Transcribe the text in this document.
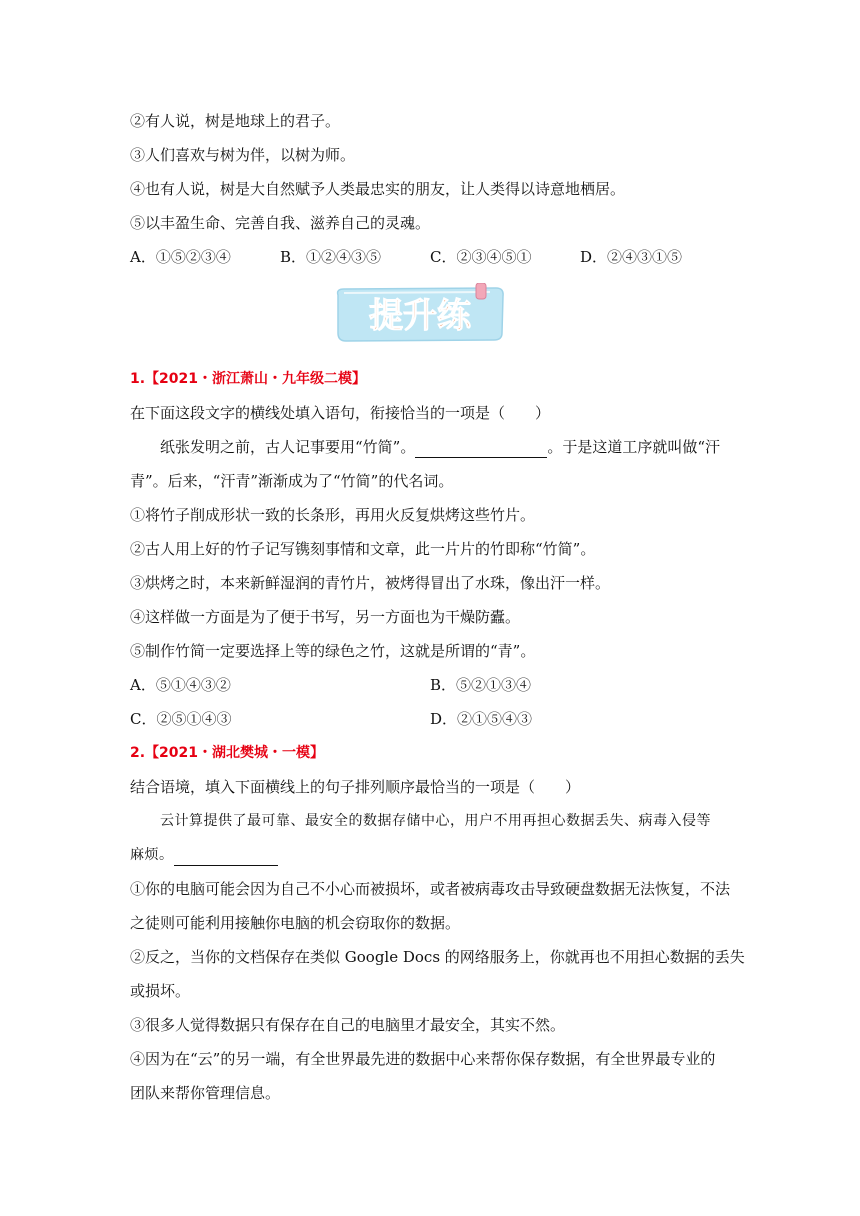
②有人说，树是地球上的君子。
③人们喜欢与树为伴，以树为师。
④也有人说，树是大自然赋予人类最忠实的朋友，让人类得以诗意地栖居。
⑤以丰盈生命、完善自我、滋养自己的灵魂。
A．①⑤②③④	B．①②④③⑤	C．②③④⑤①	D．②④③①⑤
提升练
1.【2021・浙江萧山・九年级二模】
在下面这段文字的横线处填入语句，衔接恰当的一项是（　　）
纸张发明之前，古人记事要用“竹简”。	。于是这道工序就叫做“汗
青”。后来，“汗青”渐渐成为了“竹简”的代名词。
①将竹子削成形状一致的长条形，再用火反复烘烤这些竹片。
②古人用上好的竹子记写镌刻事情和文章，此一片片的竹即称“竹简”。
③烘烤之时，本来新鲜湿润的青竹片，被烤得冒出了水珠，像出汗一样。
④这样做一方面是为了便于书写，另一方面也为干燥防蠹。
⑤制作竹简一定要选择上等的绿色之竹，这就是所谓的“青”。
A．⑤①④③②	B．⑤②①③④
C．②⑤①④③	D．②①⑤④③
2.【2021・湖北樊城・一模】
结合语境，填入下面横线上的句子排列顺序最恰当的一项是（　　）
云计算提供了最可靠、最安全的数据存储中心，用户不用再担心数据丢失、病毒入侵等
麻烦。
①你的电脑可能会因为自己不小心而被损坏，或者被病毒攻击导致硬盘数据无法恢复，不法
之徒则可能利用接触你电脑的机会窃取你的数据。
②反之，当你的文档保存在类似 Google Docs 的网络服务上，你就再也不用担心数据的丢失
或损坏。
③很多人觉得数据只有保存在自己的电脑里才最安全，其实不然。
④因为在“云”的另一端，有全世界最先进的数据中心来帮你保存数据，有全世界最专业的
团队来帮你管理信息。
